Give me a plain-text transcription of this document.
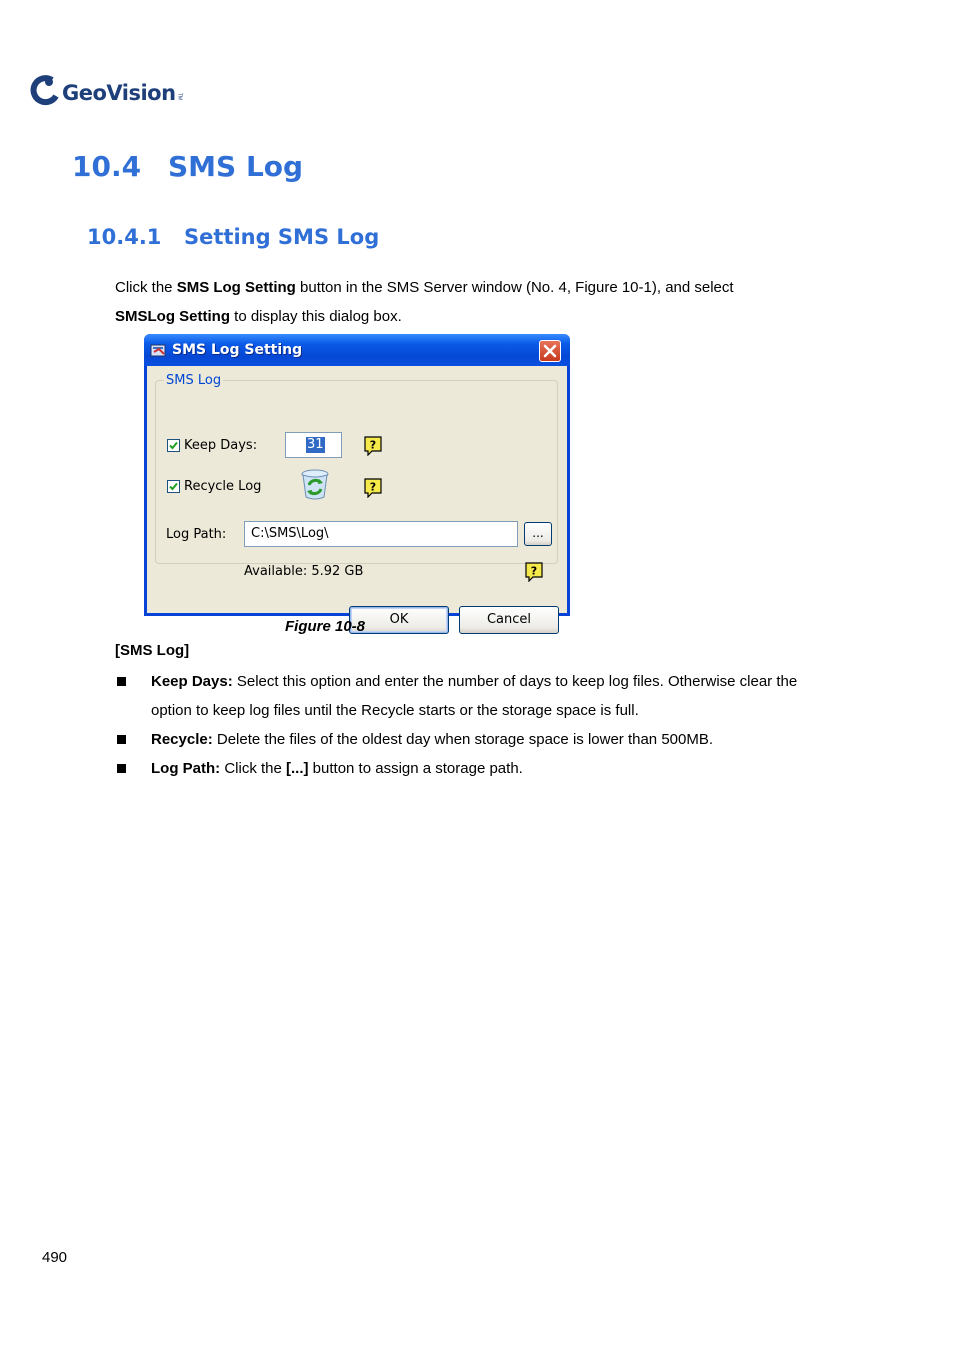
GeoVision TM
10.4 SMS Log
10.4.1 Setting SMS Log
Click the SMS Log Setting button in the SMS Server window (No. 4, Figure 10-1), and select
SMSLog Setting to display this dialog box.
SMS Log Setting
SMS Log
Keep Days:	31	?
Recycle Log	?
Log Path:	C:\SMS\Log\	...
Available: 5.92 GB	?
OK	Cancel
Figure 10-8
[SMS Log]
Keep Days: Select this option and enter the number of days to keep log files. Otherwise clear the
option to keep log files until the Recycle starts or the storage space is full.
Recycle: Delete the files of the oldest day when storage space is lower than 500MB.
Log Path: Click the [...] button to assign a storage path.
490
